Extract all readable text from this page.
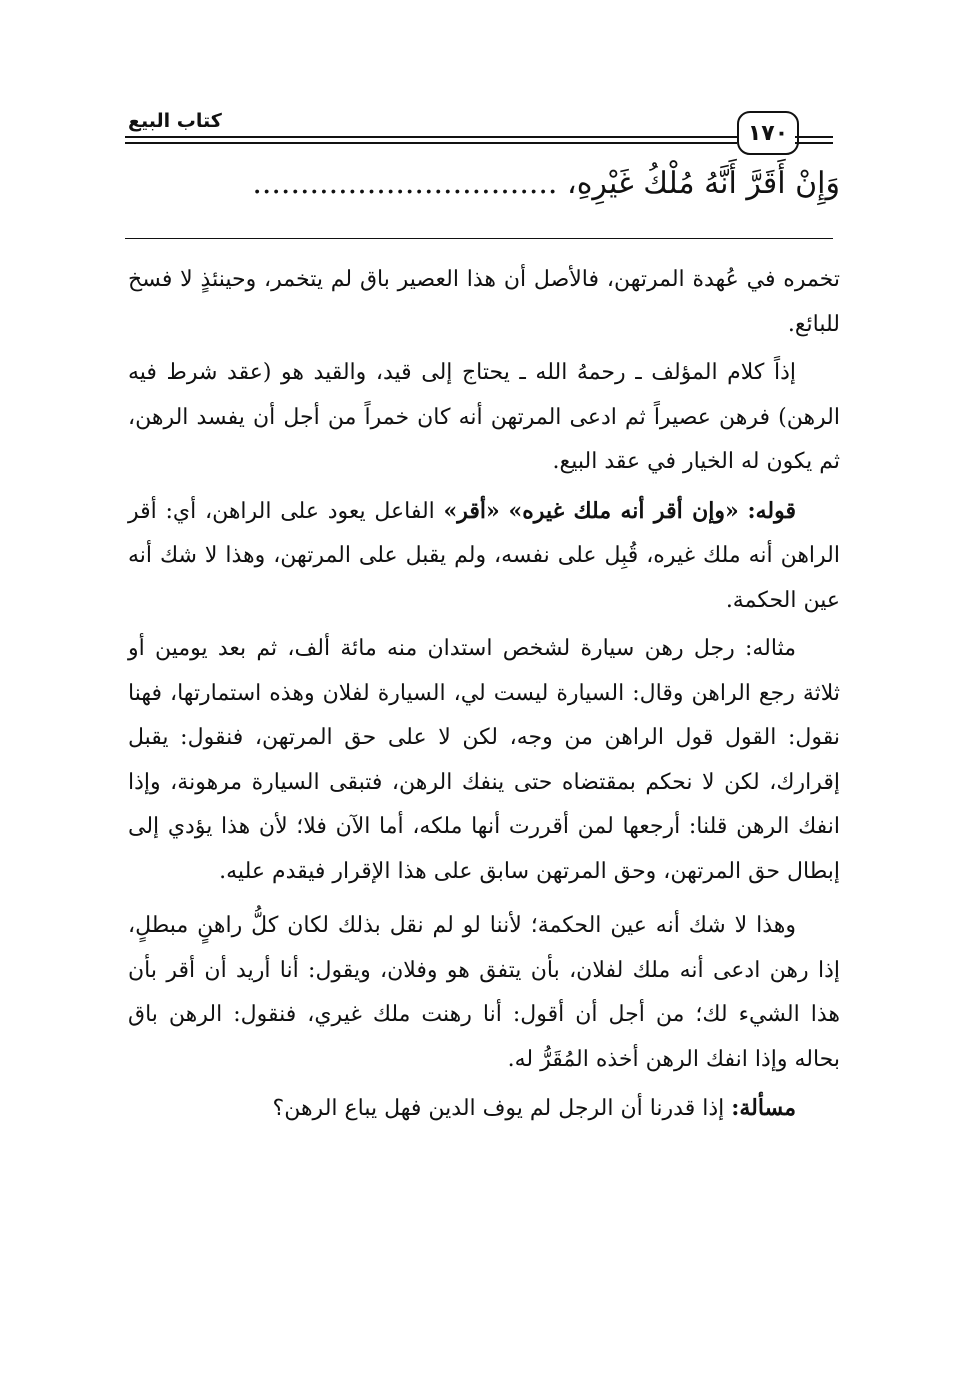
كتاب البيع	١٧٠
وَإِنْ أَقَرَّ أَنَّهُ مُلْكُ غَيْرِهِ، ................................

تخمره في عُهدة المرتهن، فالأصل أن هذا العصير باق لم يتخمر، وحينئذٍ لا فسخ للبائع.

إذاً كلام المؤلف ـ رحمهُ الله ـ يحتاج إلى قيد، والقيد هو (عقد شرط فيه الرهن) فرهن عصيراً ثم ادعى المرتهن أنه كان خمراً من أجل أن يفسد الرهن، ثم يكون له الخيار في عقد البيع.

قوله: «وإن أقر أنه ملك غيره» «أقر» الفاعل يعود على الراهن، أي: أقر الراهن أنه ملك غيره، قُبِل على نفسه، ولم يقبل على المرتهن، وهذا لا شك أنه عين الحكمة.

مثاله: رجل رهن سيارة لشخص استدان منه مائة ألف، ثم بعد يومين أو ثلاثة رجع الراهن وقال: السيارة ليست لي، السيارة لفلان وهذه استمارتها، فهنا نقول: القول قول الراهن من وجه، لكن لا على حق المرتهن، فنقول: يقبل إقرارك، لكن لا نحكم بمقتضاه حتى ينفك الرهن، فتبقى السيارة مرهونة، وإذا انفك الرهن قلنا: أرجعها لمن أقررت أنها ملكه، أما الآن فلا؛ لأن هذا يؤدي إلى إبطال حق المرتهن، وحق المرتهن سابق على هذا الإقرار فيقدم عليه.

وهذا لا شك أنه عين الحكمة؛ لأننا لو لم نقل بذلك لكان كلُّ راهنٍ مبطلٍ، إذا رهن ادعى أنه ملك لفلان، بأن يتفق هو وفلان، ويقول: أنا أريد أن أقر بأن هذا الشيء لك؛ من أجل أن أقول: أنا رهنت ملك غيري، فنقول: الرهن باق بحاله وإذا انفك الرهن أخذه المُقَرُّ له.

مسألة: إذا قدرنا أن الرجل لم يوف الدين فهل يباع الرهن؟
